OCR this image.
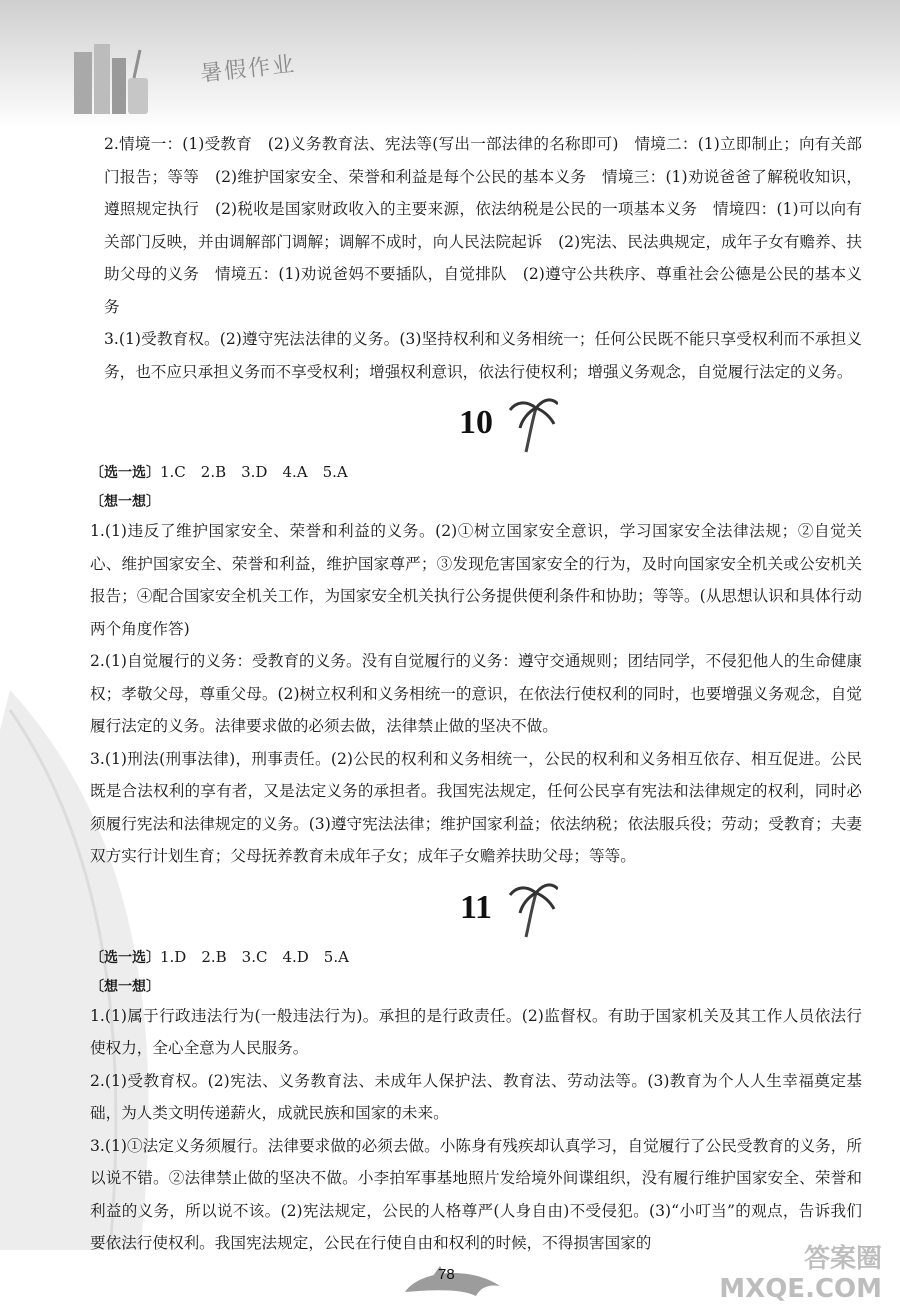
暑假作业

2.情境一：(1)受教育　(2)义务教育法、宪法等(写出一部法律的名称即可)　情境二：(1)立即制止；向有关部门报告；等等　(2)维护国家安全、荣誉和利益是每个公民的基本义务　情境三：(1)劝说爸爸了解税收知识，遵照规定执行　(2)税收是国家财政收入的主要来源，依法纳税是公民的一项基本义务　情境四：(1)可以向有关部门反映，并由调解部门调解；调解不成时，向人民法院起诉　(2)宪法、民法典规定，成年子女有赡养、扶助父母的义务　情境五：(1)劝说爸妈不要插队，自觉排队　(2)遵守公共秩序、尊重社会公德是公民的基本义务

3.(1)受教育权。(2)遵守宪法法律的义务。(3)坚持权利和义务相统一；任何公民既不能只享受权利而不承担义务，也不应只承担义务而不享受权利；增强权利意识，依法行使权利；增强义务观念，自觉履行法定的义务。

10

〔选一选〕1.C　2.B　3.D　4.A　5.A

〔想一想〕

1.(1)违反了维护国家安全、荣誉和利益的义务。(2)①树立国家安全意识，学习国家安全法律法规；②自觉关心、维护国家安全、荣誉和利益，维护国家尊严；③发现危害国家安全的行为，及时向国家安全机关或公安机关报告；④配合国家安全机关工作，为国家安全机关执行公务提供便利条件和协助；等等。(从思想认识和具体行动两个角度作答)

2.(1)自觉履行的义务：受教育的义务。没有自觉履行的义务：遵守交通规则；团结同学，不侵犯他人的生命健康权；孝敬父母，尊重父母。(2)树立权利和义务相统一的意识，在依法行使权利的同时，也要增强义务观念，自觉履行法定的义务。法律要求做的必须去做，法律禁止做的坚决不做。

3.(1)刑法(刑事法律)，刑事责任。(2)公民的权利和义务相统一，公民的权利和义务相互依存、相互促进。公民既是合法权利的享有者，又是法定义务的承担者。我国宪法规定，任何公民享有宪法和法律规定的权利，同时必须履行宪法和法律规定的义务。(3)遵守宪法法律；维护国家利益；依法纳税；依法服兵役；劳动；受教育；夫妻双方实行计划生育；父母抚养教育未成年子女；成年子女赡养扶助父母；等等。

11

〔选一选〕1.D　2.B　3.C　4.D　5.A

〔想一想〕

1.(1)属于行政违法行为(一般违法行为)。承担的是行政责任。(2)监督权。有助于国家机关及其工作人员依法行使权力，全心全意为人民服务。

2.(1)受教育权。(2)宪法、义务教育法、未成年人保护法、教育法、劳动法等。(3)教育为个人人生幸福奠定基础，为人类文明传递薪火，成就民族和国家的未来。

3.(1)①法定义务须履行。法律要求做的必须去做。小陈身有残疾却认真学习，自觉履行了公民受教育的义务，所以说不错。②法律禁止做的坚决不做。小李拍军事基地照片发给境外间谍组织，没有履行维护国家安全、荣誉和利益的义务，所以说不该。(2)宪法规定，公民的人格尊严(人身自由)不受侵犯。(3)“小叮当”的观点，告诉我们要依法行使权利。我国宪法规定，公民在行使自由和权利的时候，不得损害国家的

78
答案圈
MXQE.COM
